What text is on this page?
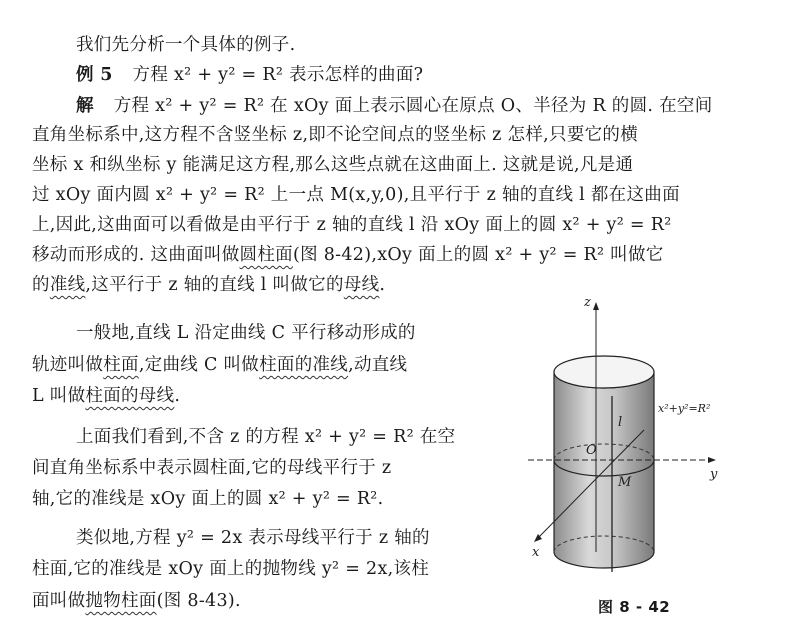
我们先分析一个具体的例子.
例 5 方程 x² + y² = R² 表示怎样的曲面?
解 方程 x² + y² = R² 在 xOy 面上表示圆心在原点 O、半径为 R 的圆. 在空间
直角坐标系中,这方程不含竖坐标 z,即不论空间点的竖坐标 z 怎样,只要它的横
坐标 x 和纵坐标 y 能满足这方程,那么这些点就在这曲面上. 这就是说,凡是通
过 xOy 面内圆 x² + y² = R² 上一点 M(x,y,0),且平行于 z 轴的直线 l 都在这曲面
上,因此,这曲面可以看做是由平行于 z 轴的直线 l 沿 xOy 面上的圆 x² + y² = R²
移动而形成的. 这曲面叫做圆柱面(图 8-42),xOy 面上的圆 x² + y² = R² 叫做它
的准线,这平行于 z 轴的直线 l 叫做它的母线.
一般地,直线 L 沿定曲线 C 平行移动形成的
轨迹叫做柱面,定曲线 C 叫做柱面的准线,动直线
L 叫做柱面的母线.
上面我们看到,不含 z 的方程 x² + y² = R² 在空
间直角坐标系中表示圆柱面,它的母线平行于 z
轴,它的准线是 xOy 面上的圆 x² + y² = R².
类似地,方程 y² = 2x 表示母线平行于 z 轴的
柱面,它的准线是 xOy 面上的抛物线 y² = 2x,该柱
面叫做抛物柱面(图 8-43).
z
y
x
O
M
l
x²+y²=R²
图 8 - 42
